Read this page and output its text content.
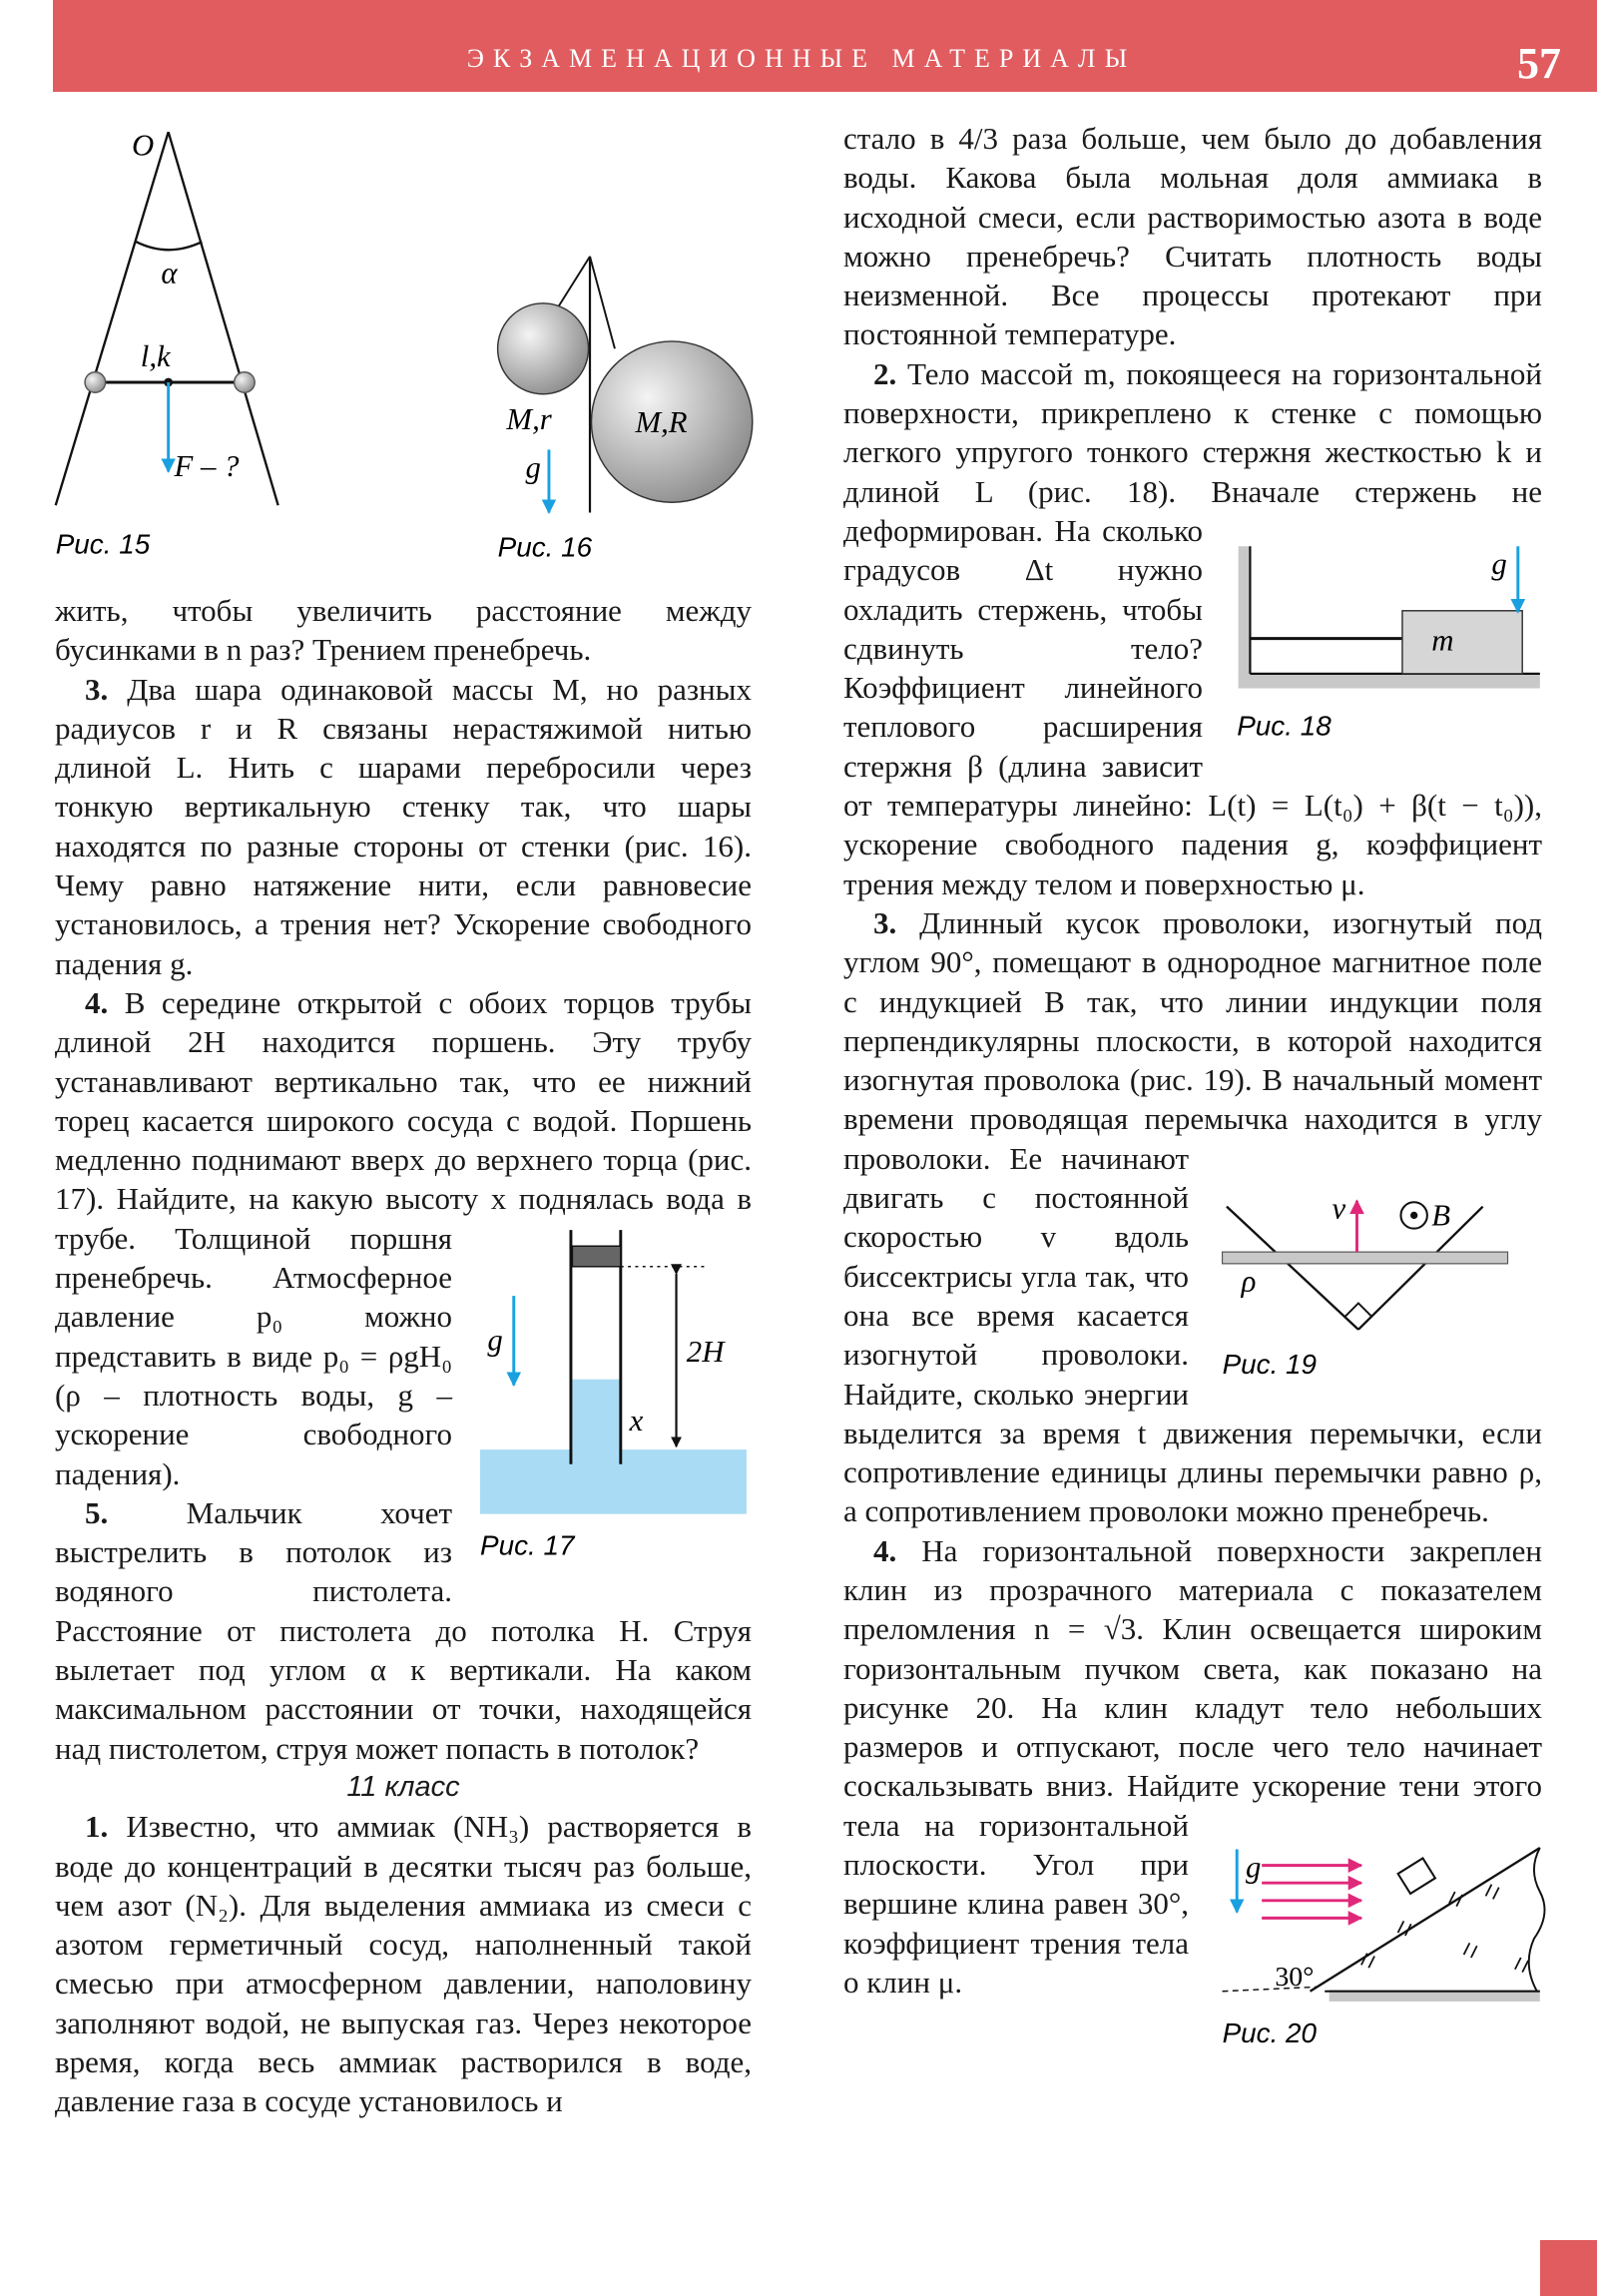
ЭКЗАМЕНАЦИОННЫЕ МАТЕРИАЛЫ	57

жить, чтобы увеличить расстояние между бусинками в n раз? Трением пренебречь.

3. Два шара одинаковой массы M, но разных радиусов r и R связаны нерастяжимой нитью длиной L. Нить с шарами перебросили через тонкую вертикальную стенку так, что шары находятся по разные стороны от стенки (рис. 16). Чему равно натяжение нити, если равновесие установилось, а трения нет? Ускорение свободного падения g.

4. В середине открытой с обоих торцов трубы длиной 2H находится поршень. Эту трубу устанавливают вертикально так, что ее нижний торец касается широкого сосуда с водой. Поршень медленно поднимают вверх до верхнего торца (рис. 17). Найдите, на какую высоту x поднялась вода в трубе. Толщиной поршня пренебречь. Атмосферное давление p₀ можно представить в виде p₀ = ρgH₀ (ρ – плотность воды, g – ускорение свободного падения).

5. Мальчик хочет выстрелить в потолок из водяного пистолета. Расстояние от пистолета до потолка H. Струя вылетает под углом α к вертикали. На каком максимальном расстоянии от точки, находящейся над пистолетом, струя может попасть в потолок?

11 класс

1. Известно, что аммиак (NH₃) растворяется в воде до концентраций в десятки тысяч раз больше, чем азот (N₂). Для выделения аммиака из смеси с азотом герметичный сосуд, наполненный такой смесью при атмосферном давлении, наполовину заполняют водой, не выпуская газ. Через некоторое время, когда весь аммиак растворился в воде, давление газа в сосуде установилось и

стало в 4/3 раза больше, чем было до добавления воды. Какова была мольная доля аммиака в исходной смеси, если растворимостью азота в воде можно пренебречь? Считать плотность воды неизменной. Все процессы протекают при постоянной температуре.

2. Тело массой m, покоящееся на горизонтальной поверхности, прикреплено к стенке с помощью легкого упругого тонкого стержня жесткостью k и длиной L (рис. 18). Вначале стержень не деформирован. На сколько градусов Δt нужно охладить стержень, чтобы сдвинуть тело? Коэффициент линейного теплового расширения стержня β (длина зависит от температуры линейно: L(t) = L(t₀) + β(t − t₀)), ускорение свободного падения g, коэффициент трения между телом и поверхностью μ.

3. Длинный кусок проволоки, изогнутый под углом 90°, помещают в однородное магнитное поле с индукцией B так, что линии индукции поля перпендикулярны плоскости, в которой находится изогнутая проволока (рис. 19). В начальный момент времени проводящая перемычка находится в углу проволоки. Ее начинают двигать с постоянной скоростью v вдоль биссектрисы угла так, что она все время касается изогнутой проволоки. Найдите, сколько энергии выделится за время t движения перемычки, если сопротивление единицы длины перемычки равно ρ, а сопротивлением проволоки можно пренебречь.

4. На горизонтальной поверхности закреплен клин из прозрачного материала с показателем преломления n = √3. Клин освещается широким горизонтальным пучком света, как показано на рисунке 20. На клин кладут тело небольших размеров и отпускают, после чего тело начинает соскальзывать вниз. Найдите ускорение тени этого тела на горизонтальной плоскости. Угол при вершине клина равен 30°, коэффициент трения тела о клин μ.

O
α
l,k
F – ?
Рис. 15
M,r	M,R
g
Рис. 16
2H
x
g
Рис. 17
m
g
Рис. 18
v	B
ρ
Рис. 19
g
30°
Рис. 20
